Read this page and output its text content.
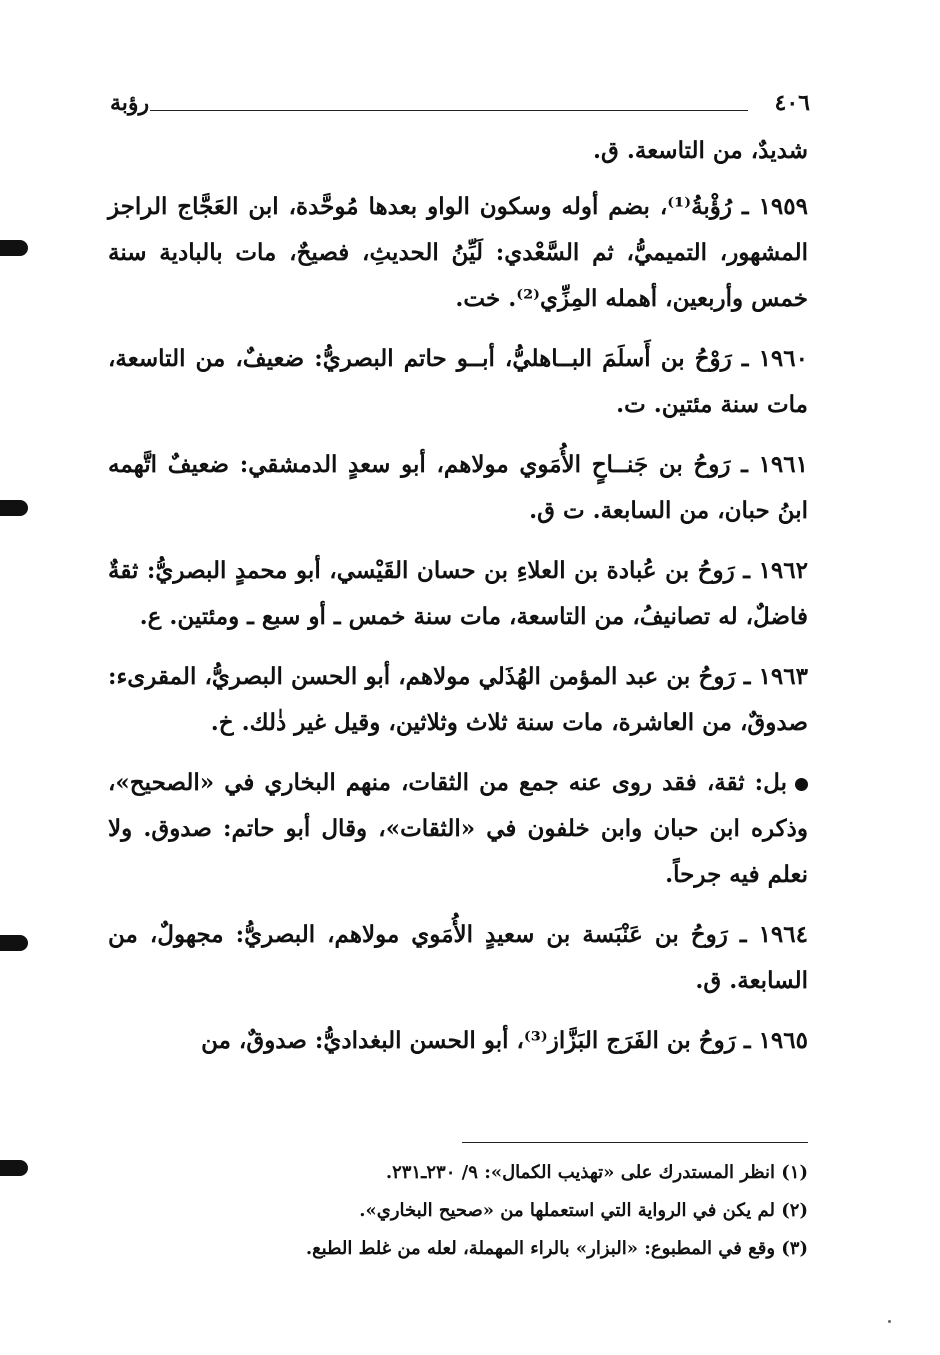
٤٠٦
رؤبة

شديدٌ، من التاسعة. ق.

١٩٥٩ ـ رُؤْبةُ⁽¹⁾، بضم أوله وسكون الواو بعدها مُوحَّدة، ابن العَجَّاج الراجز المشهور، التميميُّ، ثم السَّعْدي: لَيِّنُ الحديثِ، فصيحٌ، مات بالبادية سنة خمس وأربعين، أهمله المِزِّي⁽²⁾. خت.

١٩٦٠ ـ رَوْحُ بن أَسلَمَ البــاهليُّ، أبــو حاتم البصريُّ: ضعيفٌ، من التاسعة، مات سنة مئتين. ت.

١٩٦١ ـ رَوحُ بن جَنــاحٍ الأُمَوي مولاهم، أبو سعدٍ الدمشقي: ضعيفٌ اتَّهمه ابنُ حبان، من السابعة. ت ق.

١٩٦٢ ـ رَوحُ بن عُبادة بن العلاءِ بن حسان القَيْسي، أبو محمدٍ البصريُّ: ثقةٌ فاضلٌ، له تصانيفُ، من التاسعة، مات سنة خمس ـ أو سبع ـ ومئتين. ع.

١٩٦٣ ـ رَوحُ بن عبد المؤمن الهُذَلي مولاهم، أبو الحسن البصريُّ، المقرىء: صدوقٌ، من العاشرة، مات سنة ثلاث وثلاثين، وقيل غير ذٰلك. خ.

بل: ثقة، فقد روى عنه جمع من الثقات، منهم البخاري في «الصحيح»، وذكره ابن حبان وابن خلفون في «الثقات»، وقال أبو حاتم: صدوق. ولا نعلم فيه جرحاً.

١٩٦٤ ـ رَوحُ بن عَنْبَسة بن سعيدٍ الأُمَوي مولاهم، البصريُّ: مجهولٌ، من السابعة. ق.

١٩٦٥ ـ رَوحُ بن الفَرَج البَزَّاز⁽³⁾، أبو الحسن البغداديُّ: صدوقٌ، من

(١) انظر المستدرك على «تهذيب الكمال»: ٩/ ٢٣٠ـ٢٣١.

(٢) لم يكن في الرواية التي استعملها من «صحيح البخاري».

(٣) وقع في المطبوع: «البزار» بالراء المهملة، لعله من غلط الطبع.
